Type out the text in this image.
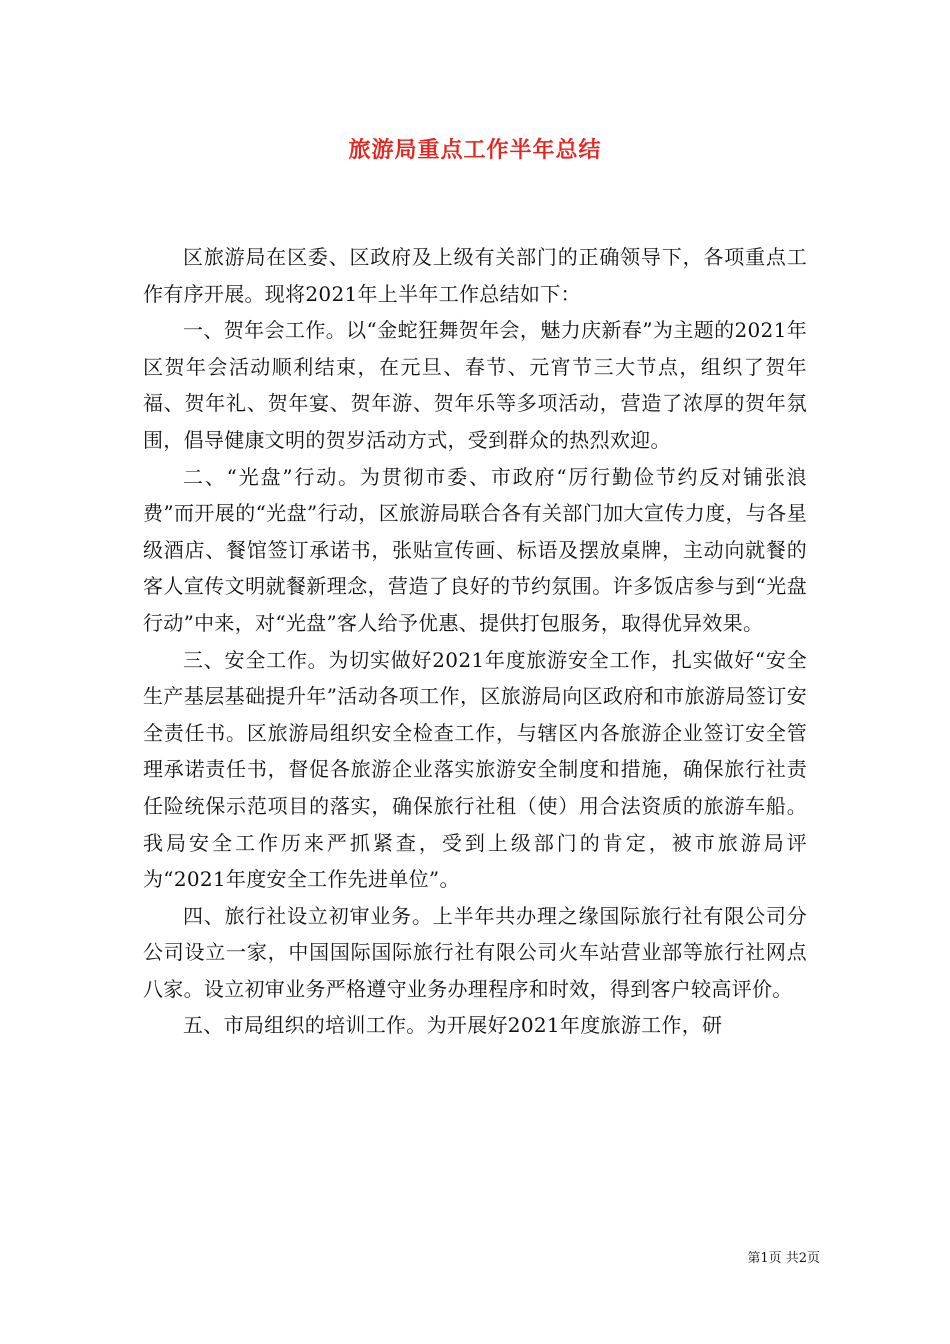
旅游局重点工作半年总结

区旅游局在区委、区政府及上级有关部门的正确领导下，各项重点工作有序开展。现将2021年上半年工作总结如下：

一、贺年会工作。以“金蛇狂舞贺年会，魅力庆新春”为主题的2021年区贺年会活动顺利结束，在元旦、春节、元宵节三大节点，组织了贺年福、贺年礼、贺年宴、贺年游、贺年乐等多项活动，营造了浓厚的贺年氛围，倡导健康文明的贺岁活动方式，受到群众的热烈欢迎。

二、“光盘”行动。为贯彻市委、市政府“厉行勤俭节约反对铺张浪费”而开展的“光盘”行动，区旅游局联合各有关部门加大宣传力度，与各星级酒店、餐馆签订承诺书，张贴宣传画、标语及摆放桌牌，主动向就餐的客人宣传文明就餐新理念，营造了良好的节约氛围。许多饭店参与到“光盘行动”中来，对“光盘”客人给予优惠、提供打包服务，取得优异效果。

三、安全工作。为切实做好2021年度旅游安全工作，扎实做好“安全生产基层基础提升年”活动各项工作，区旅游局向区政府和市旅游局签订安全责任书。区旅游局组织安全检查工作，与辖区内各旅游企业签订安全管理承诺责任书，督促各旅游企业落实旅游安全制度和措施，确保旅行社责任险统保示范项目的落实，确保旅行社租（使）用合法资质的旅游车船。我局安全工作历来严抓紧查，受到上级部门的肯定，被市旅游局评为“2021年度安全工作先进单位”。

四、旅行社设立初审业务。上半年共办理之缘国际旅行社有限公司分公司设立一家，中国国际国际旅行社有限公司火车站营业部等旅行社网点八家。设立初审业务严格遵守业务办理程序和时效，得到客户较高评价。

五、市局组织的培训工作。为开展好2021年度旅游工作，研

第1页 共2页
